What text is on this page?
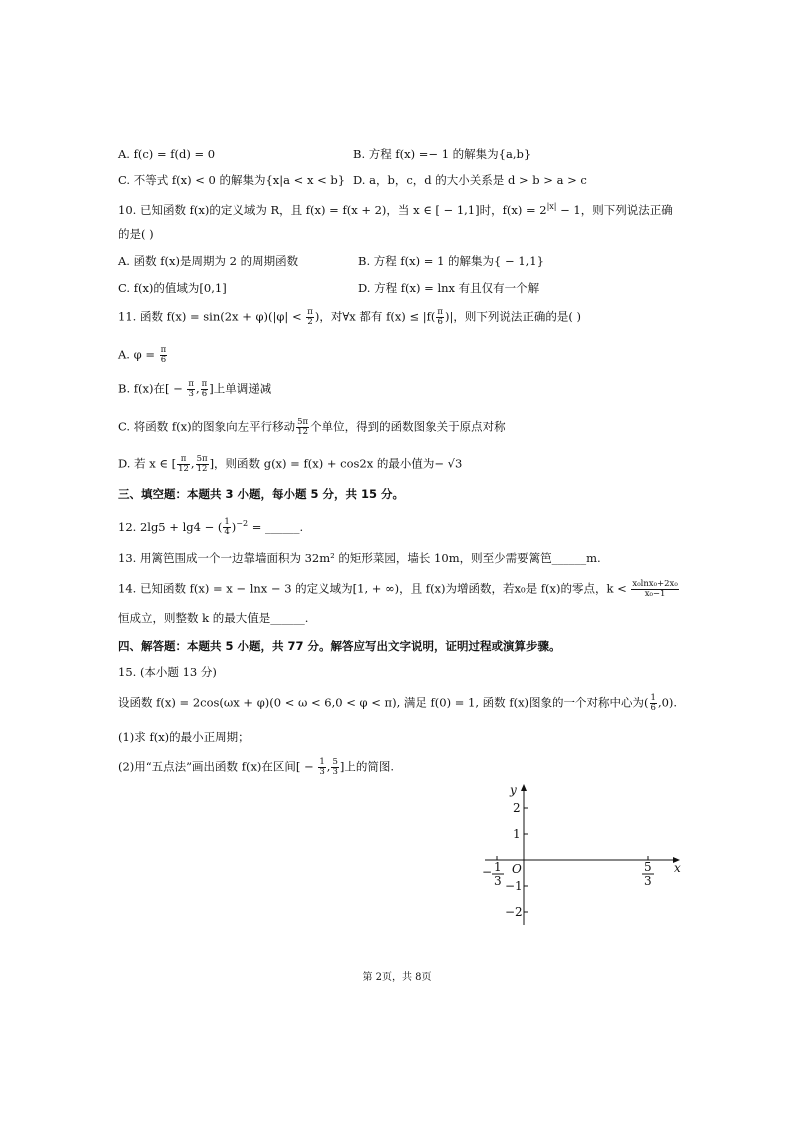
A. f(c) = f(d) = 0	B. 方程 f(x) =− 1 的解集为{a,b}
C. 不等式 f(x) < 0 的解集为{x|a < x < b} D. a，b，c，d 的大小关系是 d > b > a > c
10. 已知函数 f(x)的定义域为 R，且 f(x) = f(x + 2)，当 x ∈ [ − 1,1]时，$f(x) = 2^{|x|} - 1$，则下列说法正确
的是( )
A. 函数 f(x)是周期为 2 的周期函数	B. 方程 f(x) = 1 的解集为{ − 1,1}
C. f(x)的值域为[0,1]	D. 方程 f(x) = lnx 有且仅有一个解
11. 函数 $f(x) = \sin(2x + \varphi)(|\varphi| < \frac{\pi}{2}$ )，对∀x 都有 $f(x) \le |f( \frac{\pi}{6}$ )|，则下列说法正确的是( )
A. $\varphi = \frac{\pi}{6}$
B. f(x)在[ − $\frac{\pi}{3}$ , $\frac{\pi}{6}$ ]上单调递减
C. 将函数 f(x)的图象向左平行移动 $\frac{5\pi}{12}$ 个单位，得到的函数图象关于原点对称
D. 若 x ∈ [ $\frac{\pi}{12}$ , $\frac{5\pi}{12}$ ]，则函数 g(x) = f(x) + cos2x 的最小值为− √3
三、填空题：本题共 3 小题，每小题 5 分，共 15 分。
12. 2lg5 + lg4 − ( $\frac{1}{4} )^{-2}$ = ______.
13. 用篱笆围成一个一边靠墙面积为 32m² 的矩形菜园，墙长 10m，则至少需要篱笆______m.
14. 已知函数 f(x) = x − lnx − 3 的定义域为[1, + ∞)，且 f(x)为增函数，若x₀是 f(x)的零点，$k < \frac{\text{x₀lnx₀+2x₀}}{\text{x₀−1}}$
恒成立，则整数 k 的最大值是______.
四、解答题：本题共 5 小题，共 77 分。解答应写出文字说明，证明过程或演算步骤。
15. (本小题 13 分)
设函数 f(x) = 2cos(ωx + φ)(0 < ω < 6,0 < φ < π), 满足 f(0) = 1, 函数 f(x)图象的一个对称中心为( $\frac{1}{6} ,0$).
(1)求 f(x)的最小正周期；
(2)用“五点法”画出函数 f(x)在区间[ − $\frac{1}{3}$ , $\frac{5}{3}$ ]上的简图.
y
x
O
2
1
−1
−2
− 1
3
5
3
第 2页，共 8页
